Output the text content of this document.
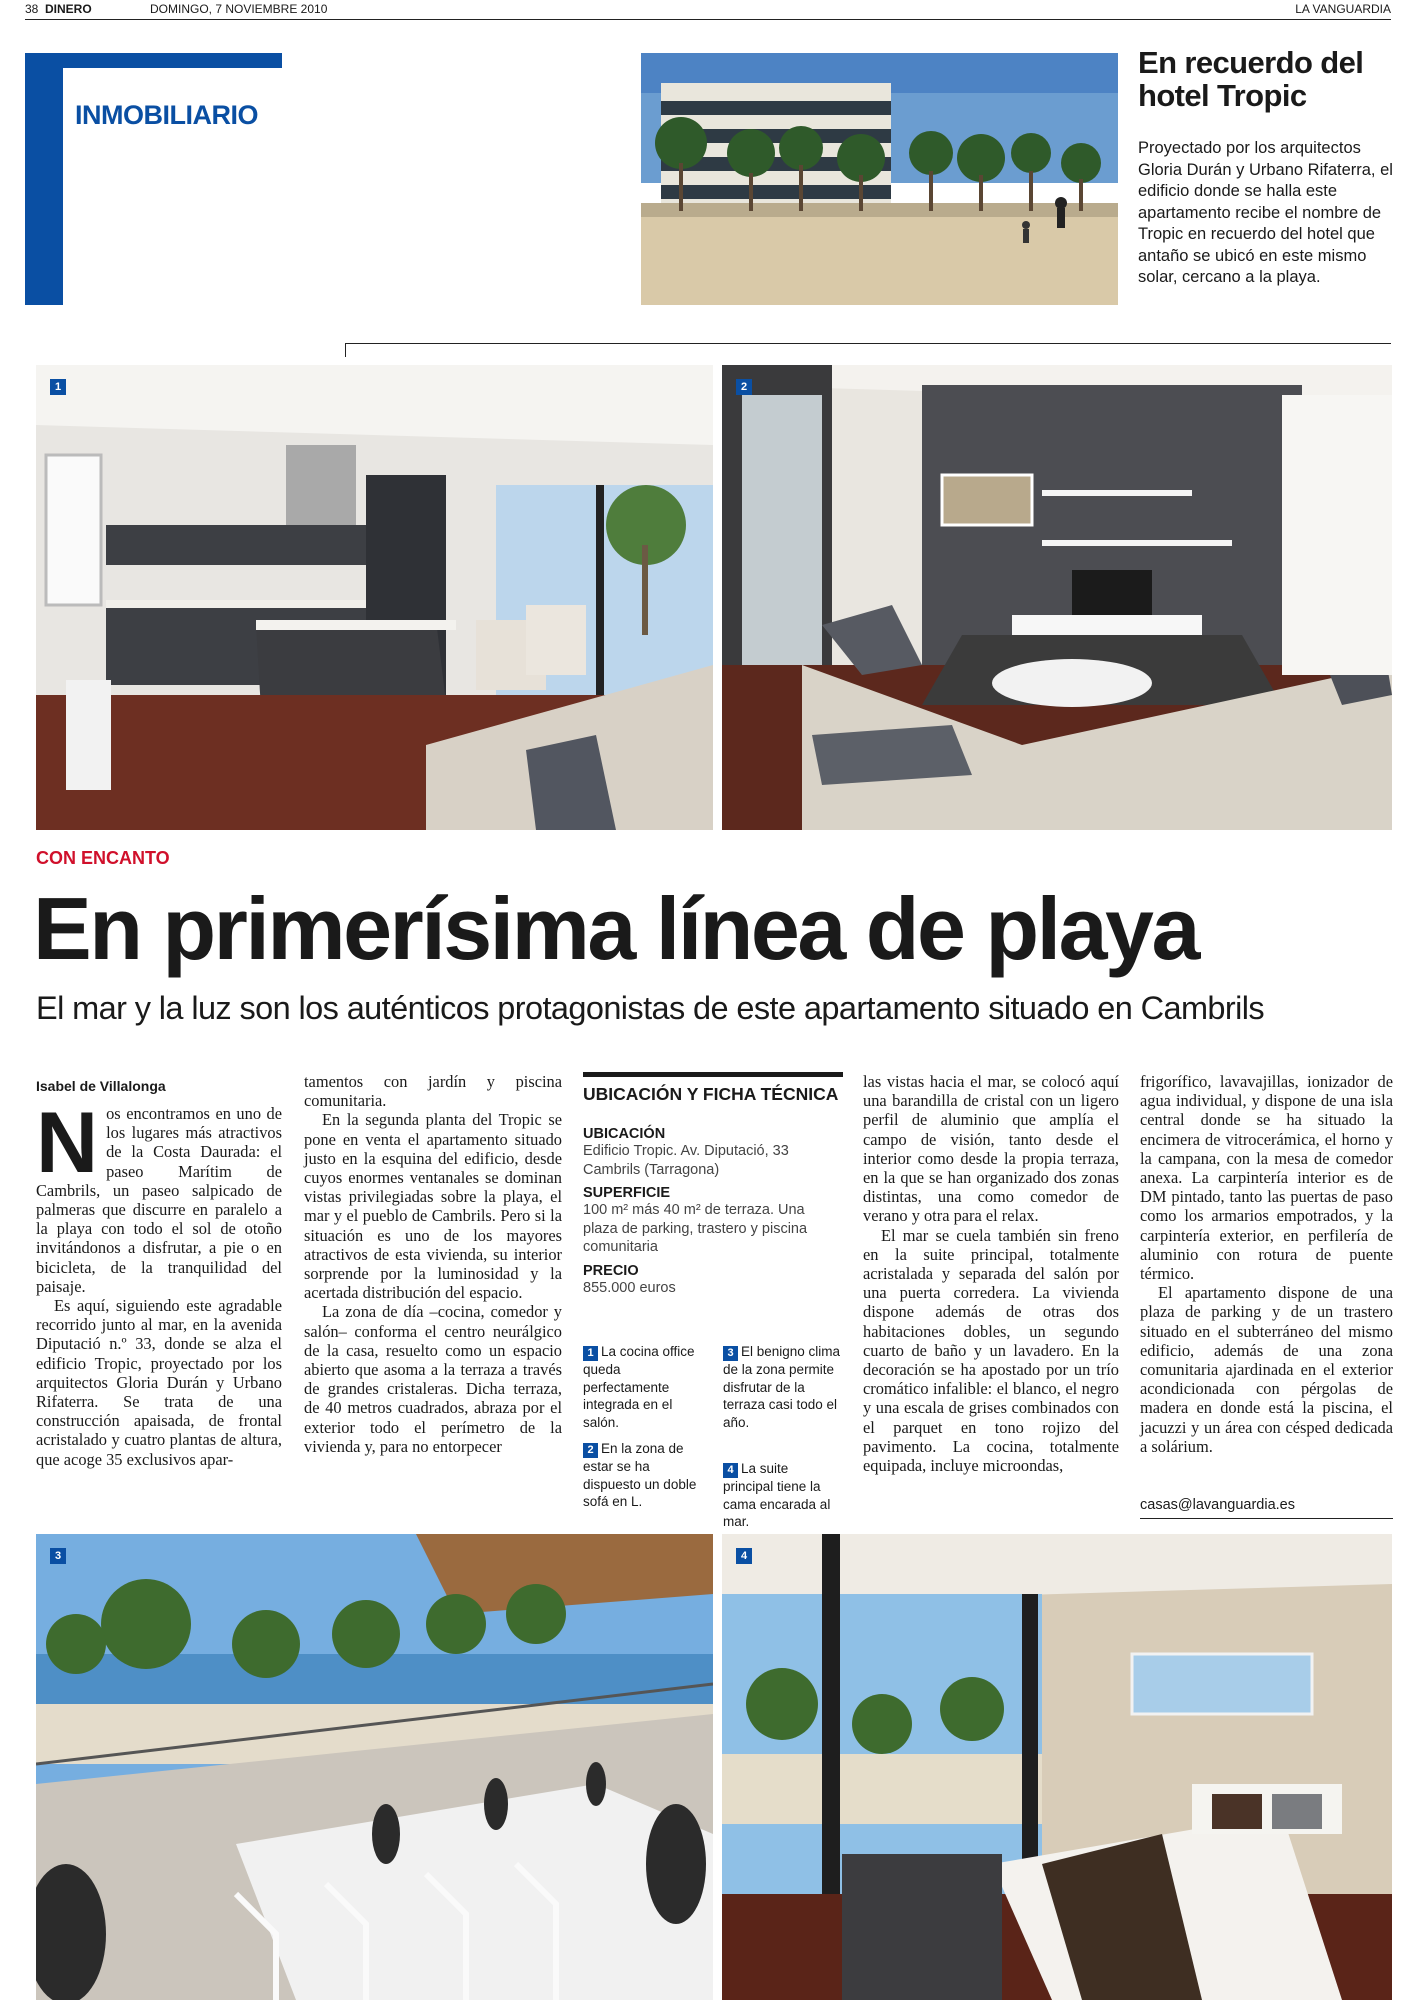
38 DINERO	DOMINGO, 7 NOVIEMBRE 2010	LA VANGUARDIA
INMOBILIARIO
En recuerdo del hotel Tropic
Proyectado por los arquitectos Gloria Durán y Urbano Rifaterra, el edificio donde se halla este apartamento recibe el nombre de Tropic en recuerdo del hotel que antaño se ubicó en este mismo solar, cercano a la playa.
1	2
CON ENCANTO
En primerísima línea de playa
El mar y la luz son los auténticos protagonistas de este apartamento situado en Cambrils
Isabel de Villalonga

Nos encontramos en uno de los lugares más atractivos de la Costa Daurada: el paseo Marítim de Cambrils, un paseo salpicado de palmeras que discurre en paralelo a la playa con todo el sol de otoño invitándonos a disfrutar, a pie o en bicicleta, de la tranquilidad del paisaje.

Es aquí, siguiendo este agradable recorrido junto al mar, en la avenida Diputació n.º 33, donde se alza el edificio Tropic, proyectado por los arquitectos Gloria Durán y Urbano Rifaterra. Se trata de una construcción apaisada, de frontal acristalado y cuatro plantas de altura, que acoge 35 exclusivos apar-

tamentos con jardín y piscina comunitaria.

En la segunda planta del Tropic se pone en venta el apartamento situado justo en la esquina del edificio, desde cuyos enormes ventanales se dominan vistas privilegiadas sobre la playa, el mar y el pueblo de Cambrils. Pero si la situación es uno de los mayores atractivos de esta vivienda, su interior sorprende por la luminosidad y la acertada distribución del espacio.

La zona de día –cocina, comedor y salón– conforma el centro neurálgico de la casa, resuelto como un espacio abierto que asoma a la terraza a través de grandes cristaleras. Dicha terraza, de 40 metros cuadrados, abraza por el exterior todo el perímetro de la vivienda y, para no entorpecer

UBICACIÓN Y FICHA TÉCNICA
UBICACIÓN
Edificio Tropic. Av. Diputació, 33 Cambrils (Tarragona)
SUPERFICIE
100 m² más 40 m² de terraza. Una plaza de parking, trastero y piscina comunitaria
PRECIO
855.000 euros
1 La cocina office queda perfectamente integrada en el salón.
3 El benigno clima de la zona permite disfrutar de la terraza casi todo el año.
2 En la zona de estar se ha dispuesto un doble sofá en L.
4 La suite principal tiene la cama encarada al mar.

las vistas hacia el mar, se colocó aquí una barandilla de cristal con un ligero perfil de aluminio que amplía el campo de visión, tanto desde el interior como desde la propia terraza, en la que se han organizado dos zonas distintas, una como comedor de verano y otra para el relax.

El mar se cuela también sin freno en la suite principal, totalmente acristalada y separada del salón por una puerta corredera. La vivienda dispone además de otras dos habitaciones dobles, un segundo cuarto de baño y un lavadero. En la decoración se ha apostado por un trío cromático infalible: el blanco, el negro y una escala de grises combinados con el parquet en tono rojizo del pavimento. La cocina, totalmente equipada, incluye microondas,

frigorífico, lavavajillas, ionizador de agua individual, y dispone de una isla central donde se ha situado la encimera de vitrocerámica, el horno y la campana, con la mesa de comedor anexa. La carpintería interior es de DM pintado, tanto las puertas de paso como los armarios empotrados, y la carpintería exterior, en perfilería de aluminio con rotura de puente térmico.

El apartamento dispone de una plaza de parking y de un trastero situado en el subterráneo del mismo edificio, además de una zona comunitaria ajardinada en el exterior acondicionada con pérgolas de madera en donde está la piscina, el jacuzzi y un área con césped dedicada a solárium.

casas@lavanguardia.es
3	4
